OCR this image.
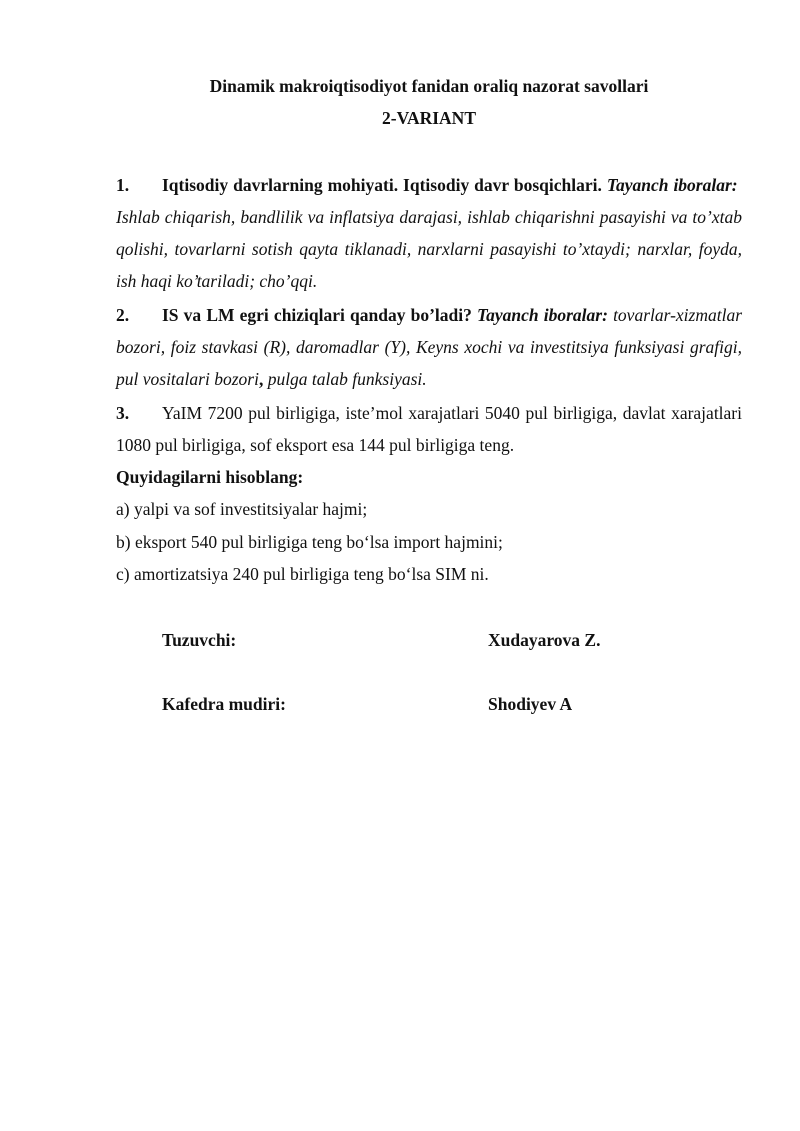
Dinamik makroiqtisodiyot fanidan oraliq nazorat savollari
2-VARIANT
1. Iqtisodiy davrlarning mohiyati. Iqtisodiy davr bosqichlari. Tayanch iboralar:  Ishlab chiqarish, bandlilik va inflatsiya darajasi, ishlab chiqarishni pasayishi va to’xtab qolishi, tovarlarni sotish qayta tiklanadi, narxlarni pasayishi to’xtaydi; narxlar, foyda, ish haqi ko’tariladi; cho’qqi.
2. IS va LM egri chiziqlari qanday bo’ladi? Tayanch iboralar: tovarlar-xizmatlar bozori, foiz stavkasi (R), daromadlar (Y), Keyns xochi va investitsiya funksiyasi grafigi, pul vositalari bozori, pulga talab funksiyasi.
3. YaIM 7200 pul birligiga, iste’mol xarajatlari 5040 pul birligiga, davlat xarajatlari 1080 pul birligiga, sof eksport esa 144 pul birligiga teng.
Quyidagilarni hisoblang:
a) yalpi va sof investitsiyalar hajmi;
b) eksport 540 pul birligiga teng bo‘lsa import hajmini;
c) amortizatsiya 240 pul birligiga teng bo‘lsa SIM ni.
Tuzuvchi:	Xudayarova Z.
Kafedra mudiri:	Shodiyev A
